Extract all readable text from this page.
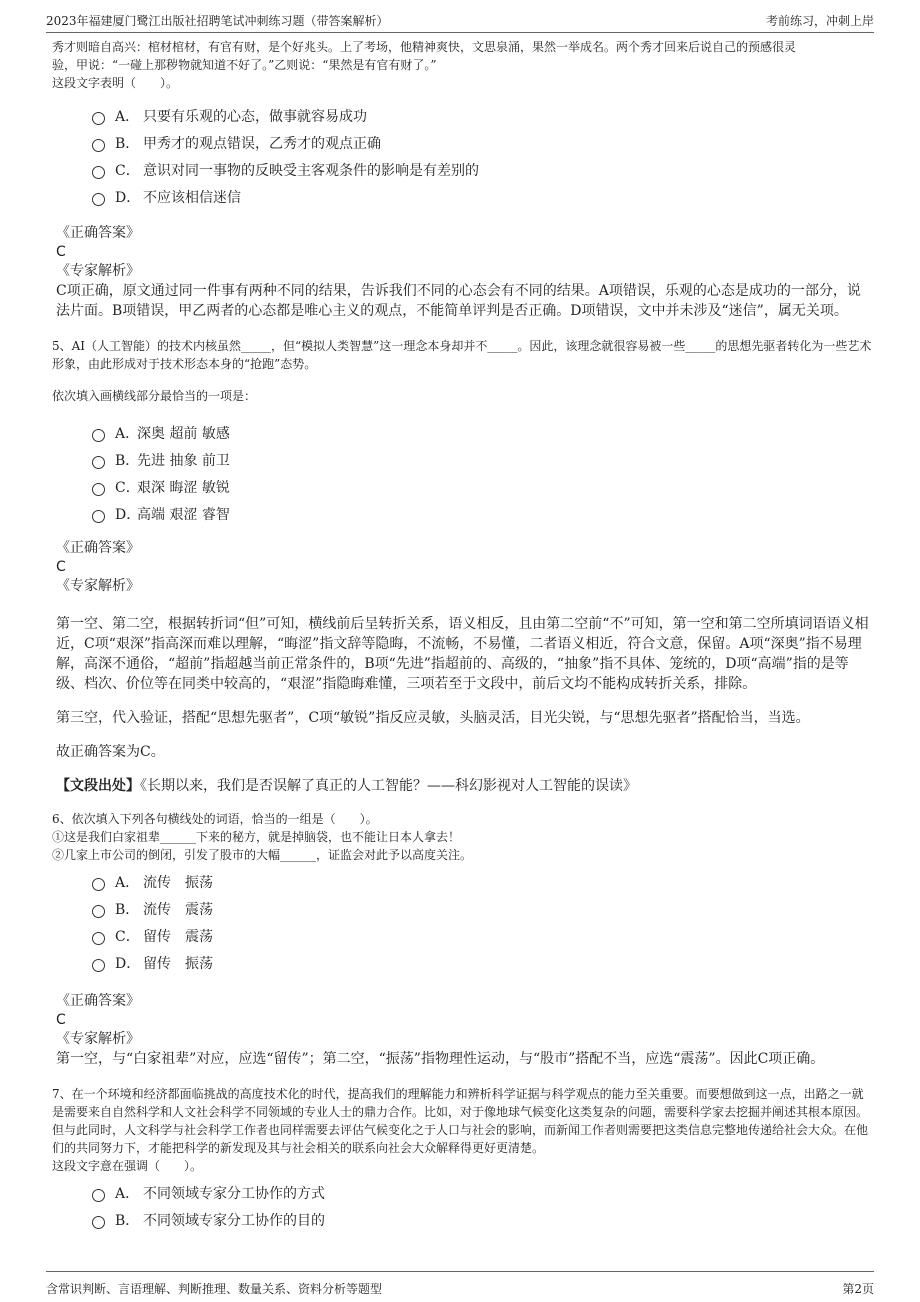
2023年福建厦门鹭江出版社招聘笔试冲刺练习题（带答案解析）	考前练习，冲刺上岸

秀才则暗自高兴：棺材棺材，有官有财，是个好兆头。上了考场，他精神爽快，文思泉涌，果然一举成名。两个秀才回来后说自己的预感很灵

验，甲说：“一碰上那秽物就知道不好了。”乙则说：“果然是有官有财了。”

这段文字表明（　　）。

A． 只要有乐观的心态，做事就容易成功
B． 甲秀才的观点错误，乙秀才的观点正确
C． 意识对同一事物的反映受主客观条件的影响是有差别的
D． 不应该相信迷信

《正确答案》

C

《专家解析》

C项正确，原文通过同一件事有两种不同的结果，告诉我们不同的心态会有不同的结果。A项错误，乐观的心态是成功的一部分，说法片面。B项错误，甲乙两者的心态都是唯心主义的观点，不能简单评判是否正确。D项错误，文中并未涉及“迷信”，属无关项。

5、AI（人工智能）的技术内核虽然_____，但“模拟人类智慧”这一理念本身却并不_____。因此，该理念就很容易被一些_____的思想先驱者转化为一些艺术形象，由此形成对于技术形态本身的“抢跑”态势。

依次填入画横线部分最恰当的一项是：

A．
深奥 超前 敏感
B．
先进 抽象 前卫
C．
艰深 晦涩 敏锐
D．
高端 艰涩 睿智

《正确答案》

C

《专家解析》

第一空、第二空，根据转折词“但”可知，横线前后呈转折关系，语义相反，且由第二空前“不”可知，第一空和第二空所填词语语义相近，C项“艰深”指高深而难以理解，“晦涩”指文辞等隐晦，不流畅，不易懂，二者语义相近，符合文意，保留。A项“深奥”指不易理解，高深不通俗，“超前”指超越当前正常条件的，B项“先进”指超前的、高级的，“抽象”指不具体、笼统的，D项“高端”指的是等级、档次、价位等在同类中较高的，“艰涩”指隐晦难懂，三项若至于文段中，前后文均不能构成转折关系，排除。

第三空，代入验证，搭配“思想先驱者”，C项“敏锐”指反应灵敏，头脑灵活，目光尖锐，与“思想先驱者”搭配恰当，当选。

故正确答案为C。

【文段出处】《长期以来，我们是否误解了真正的人工智能？——科幻影视对人工智能的误读》

6、依次填入下列各句横线处的词语，恰当的一组是（　　）。

①这是我们白家祖辈______下来的秘方，就是掉脑袋，也不能让日本人拿去！

②几家上市公司的倒闭，引发了股市的大幅______，证监会对此予以高度关注。

A． 流传　振荡
B． 流传　震荡
C． 留传　震荡
D． 留传　振荡

《正确答案》

C

《专家解析》

第一空，与“白家祖辈”对应，应选“留传”；第二空，“振荡”指物理性运动，与“股市”搭配不当，应选“震荡”。因此C项正确。

7、在一个环境和经济都面临挑战的高度技术化的时代，提高我们的理解能力和辨析科学证据与科学观点的能力至关重要。而要想做到这一点，出路之一就是需要来自自然科学和人文社会科学不同领域的专业人士的鼎力合作。比如，对于像地球气候变化这类复杂的问题，需要科学家去挖掘并阐述其根本原因。但与此同时，人文科学与社会科学工作者也同样需要去评估气候变化之于人口与社会的影响，而新闻工作者则需要把这类信息完整地传递给社会大众。在他们的共同努力下，才能把科学的新发现及其与社会相关的联系向社会大众解释得更好更清楚。

这段文字意在强调（　　）。

A． 不同领域专家分工协作的方式
B． 不同领域专家分工协作的目的
含常识判断、言语理解、判断推理、数量关系、资料分析等题型	第2页
